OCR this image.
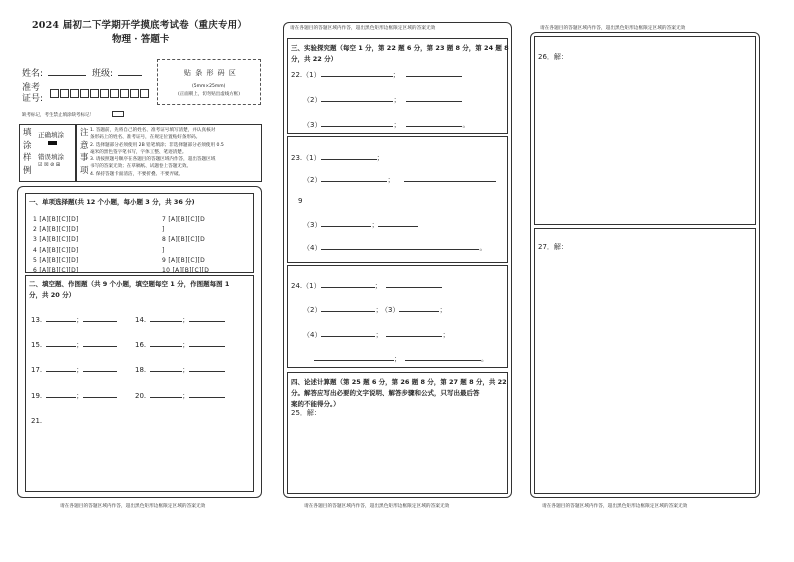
2024 届初二下学期开学摸底考试卷（重庆专用）
物理 · 答题卡
姓名:	班级:
准考
证号:
贴 条 形 码 区
(5mm×25mm)
(正面朝上，切勿贴出虚线方框)
缺考标记，考生禁止填涂缺考标记！
填
涂
样
例
正确填涂
错误填涂
☑ ☒ ⊘ ⊞
注
意
事
项
1. 答题前，先将自己的姓名、准考证号填写清楚，并认真核对
条形码上的姓名、准考证号，在规定位置贴好条形码。
2. 选择题部分必须使用 2B 铅笔填涂；非选择题部分必须使用 0.5
毫米的黑色签字笔书写，字体工整、笔迹清楚。
3. 请按照题号顺序在各题目的答题区域内作答，超出答题区域
书写的答案无效；在草稿纸、试题卷上答题无效。
4. 保持答题卡面清洁，不要折叠、不要弄破。
一、单项选择题(共 12 个小题，每小题 3 分，共 36 分)
1 [A][B][C][D]
2 [A][B][C][D]
3 [A][B][C][D]
4 [A][B][C][D]
5 [A][B][C][D]
6 [A][B][C][D]
7 [A][B][C][D
]
8 [A][B][C][D
]
9 [A][B][C][D
10 [A][B][C][D
二、填空题、作图题（共 9 个小题，填空题每空 1 分，作图题每图 1
分，共 20 分）
13.	；	14.	；
15.	；	16.	；
17.	；	18.	；
19.	；	20.	；
21.
请在各题目的答题区域内作答，超出黑色矩形边框限定区域的答案无效
请在各题目的答题区域内作答，超出黑色矩形边框限定区域的答案无效
三、实验探究题（每空 1 分，第 22 题 6 分，第 23 题 8 分，第 24 题 8
分，共 22 分）
22.（1）	；
（2）	；
（3）	；	。
23.（1）	；
（2）	；
9
（3）	；
（4）	。
24.（1）	；
（2）	； （3）	；
（4）	；	；
；	。
四、论述计算题（第 25 题 6 分，第 26 题 8 分，第 27 题 8 分，共 22
分。解答应写出必要的文字说明、解答步骤和公式，只写出最后答
案的不能得分。）
25．解：
请在各题目的答题区域内作答，超出黑色矩形边框限定区域的答案无效
请在各题目的答题区域内作答，超出黑色矩形边框限定区域的答案无效
26．解：
27．解：
请在各题目的答题区域内作答，超出黑色矩形边框限定区域的答案无效
